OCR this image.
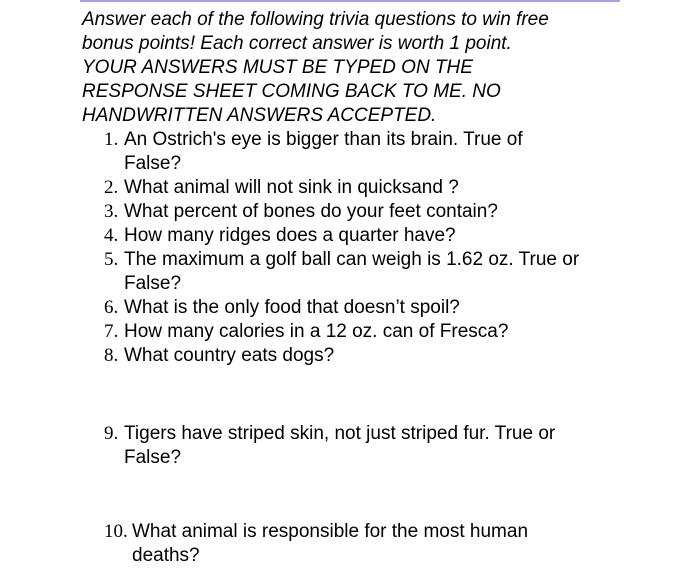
Answer each of the following trivia questions to win free
bonus points! Each correct answer is worth 1 point.
YOUR ANSWERS MUST BE TYPED ON THE
RESPONSE SHEET COMING BACK TO ME. NO
HANDWRITTEN ANSWERS ACCEPTED.
1. An Ostrich's eye is bigger than its brain. True of False?
2. What animal will not sink in quicksand ?
3. What percent of bones do your feet contain?
4. How many ridges does a quarter have?
5. The maximum a golf ball can weigh is 1.62 oz. True or False?
6. What is the only food that doesn’t spoil?
7. How many calories in a 12 oz. can of Fresca?
8. What country eats dogs?
9. Tigers have striped skin, not just striped fur. True or False?
10. What animal is responsible for the most human deaths?
